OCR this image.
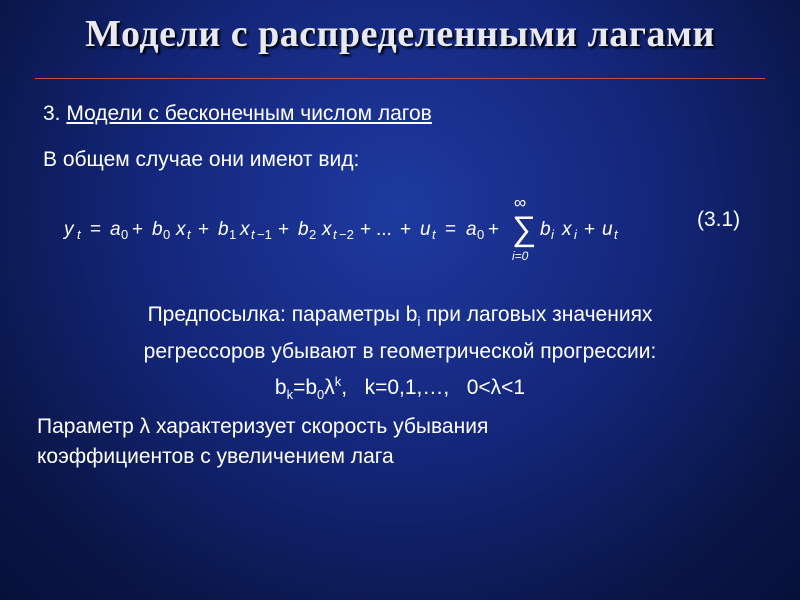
Модели с распределенными лагами
3. Модели с бесконечным числом лагов
В общем случае они имеют вид:
y t = a 0 + b 0 x t + b 1 x t −1 + b 2 x t −2 + ... + u t = a 0 + ∑
∞
i=0
b i x i + u t
(3.1)
Предпосылка: параметры $b_i$ при лаговых значениях
регрессоров убывают в геометрической прогрессии:
$b_k=b_0\lambda^k$,   k=0,1,…,   0<λ<1
Параметр λ характеризует скорость убывания
коэффициентов с увеличением лага
